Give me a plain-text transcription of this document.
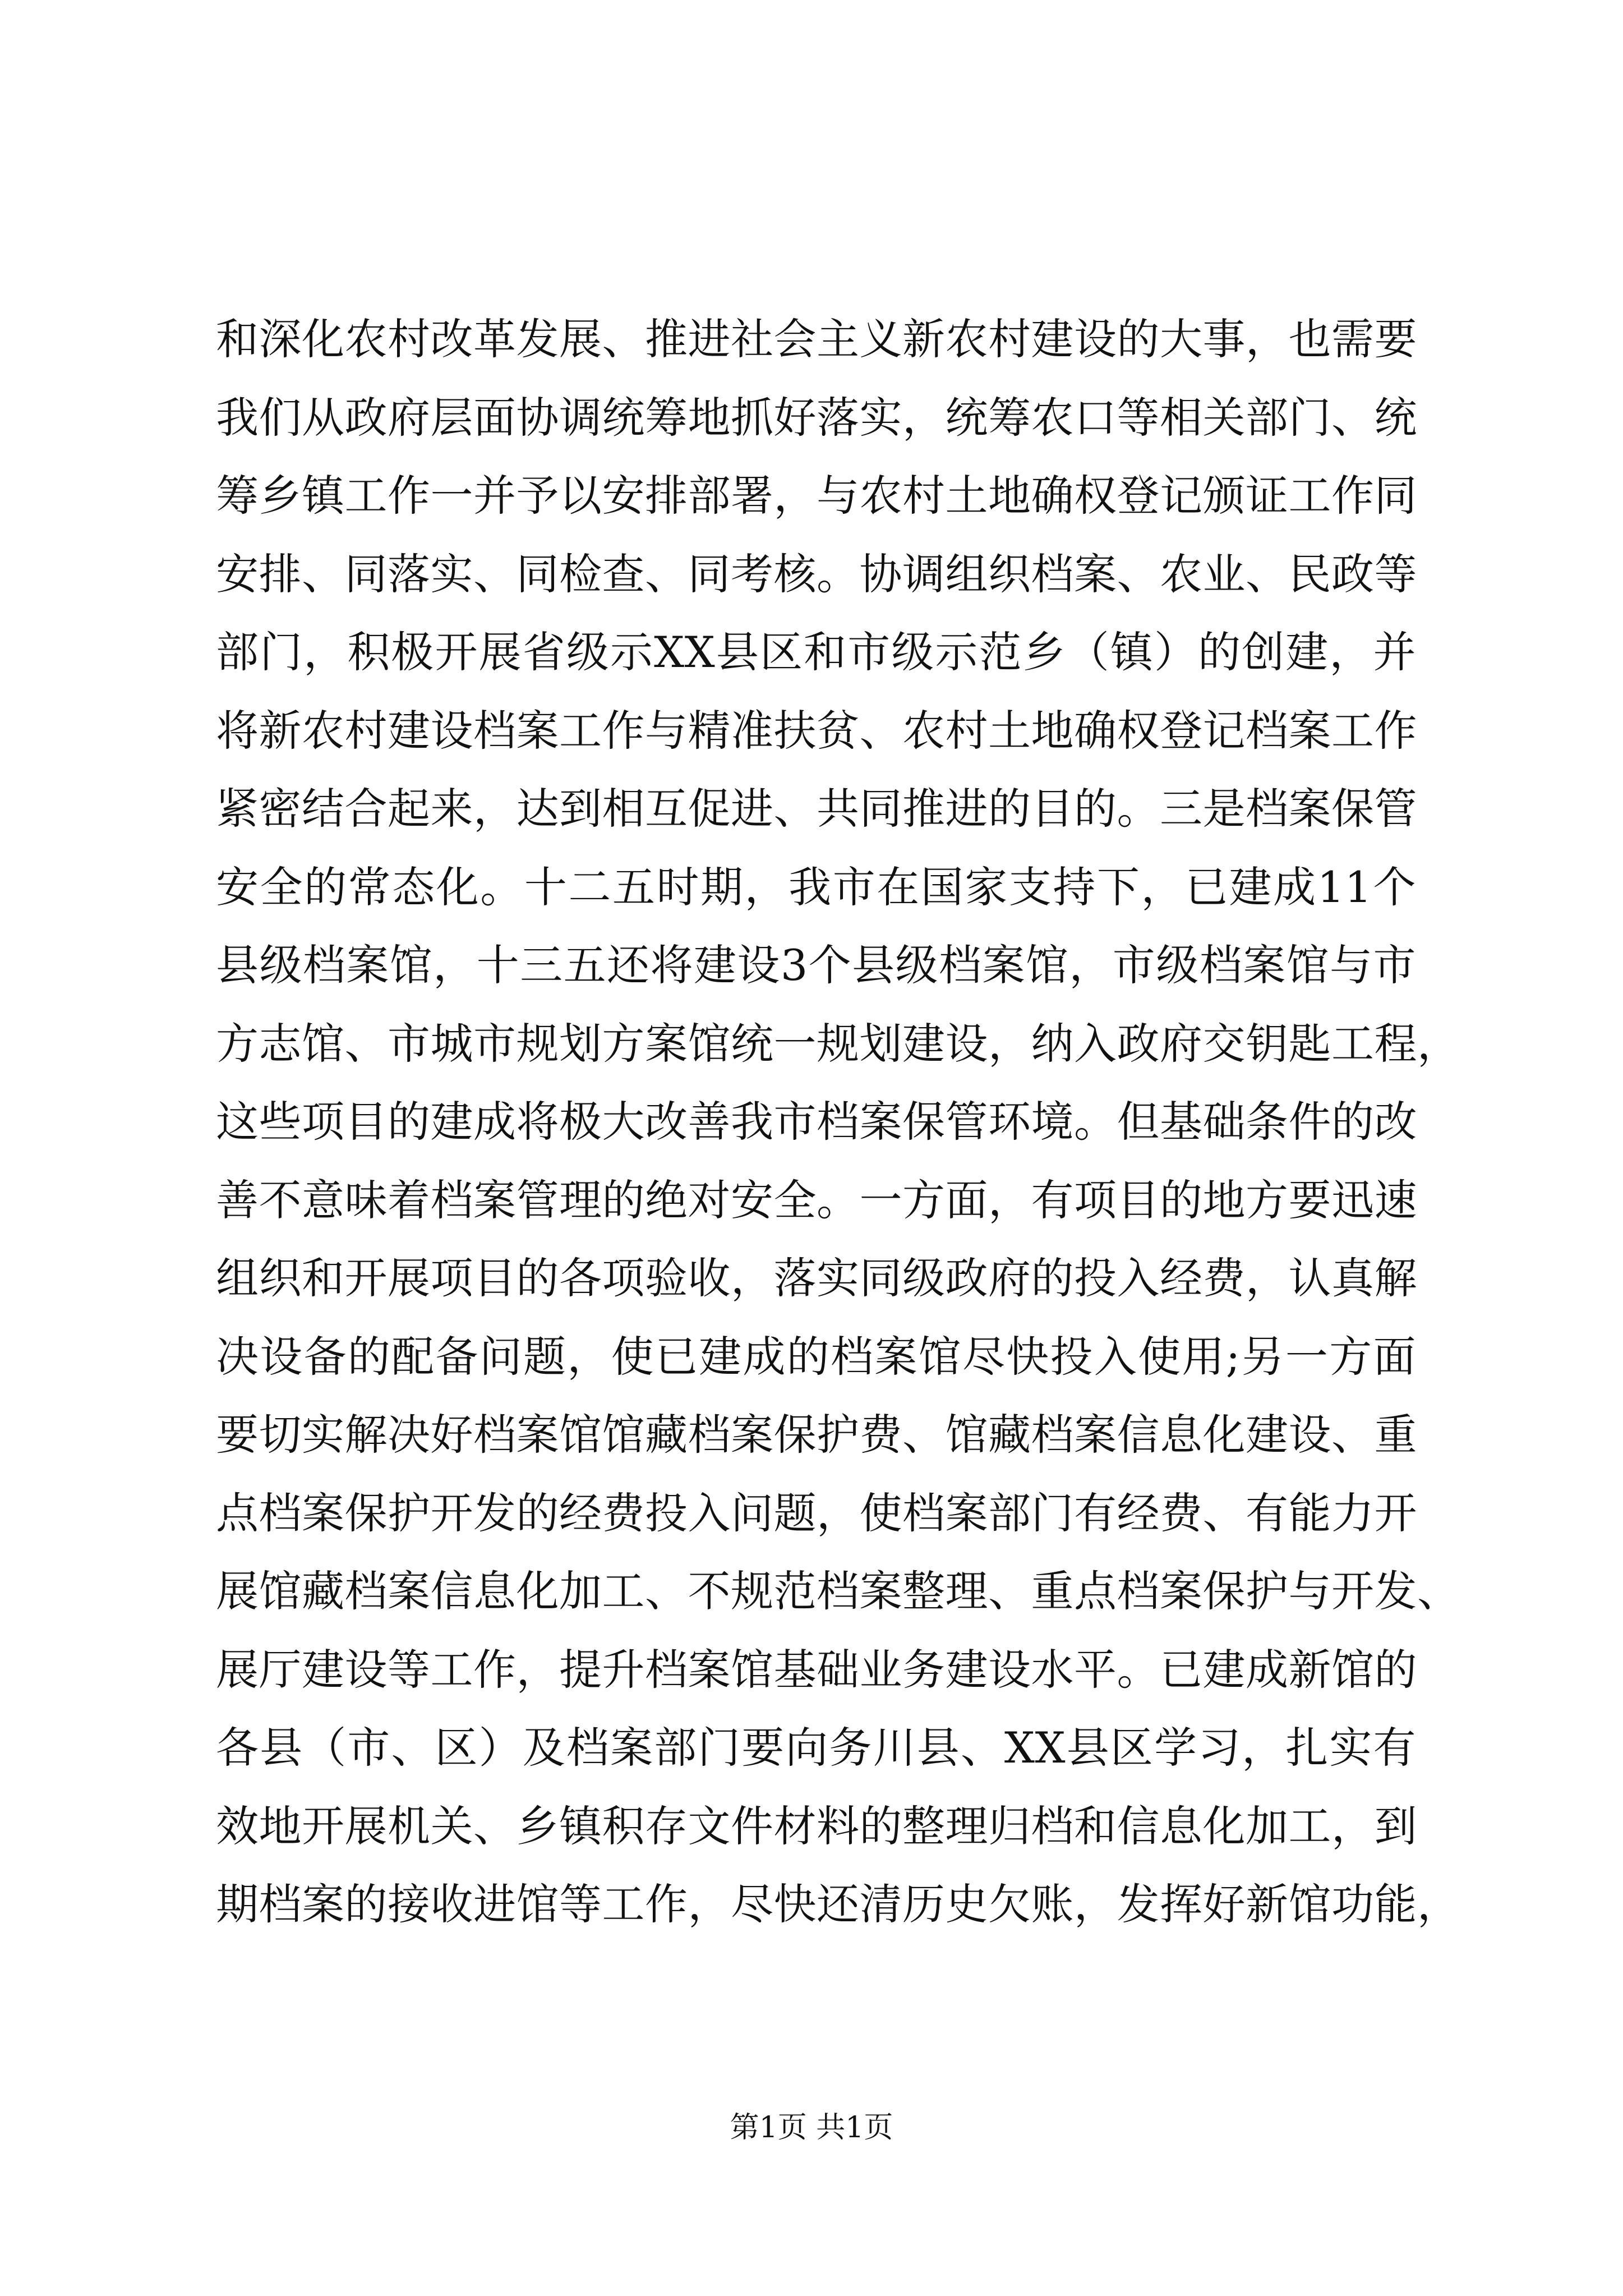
和深化农村改革发展、推进社会主义新农村建设的大事，也需要
我们从政府层面协调统筹地抓好落实，统筹农口等相关部门、统
筹乡镇工作一并予以安排部署，与农村土地确权登记颁证工作同
安排、同落实、同检查、同考核。协调组织档案、农业、民政等
部门，积极开展省级示XX县区和市级示范乡（镇）的创建，并
将新农村建设档案工作与精准扶贫、农村土地确权登记档案工作
紧密结合起来，达到相互促进、共同推进的目的。三是档案保管
安全的常态化。十二五时期，我市在国家支持下，已建成11个
县级档案馆，十三五还将建设3个县级档案馆，市级档案馆与市
方志馆、市城市规划方案馆统一规划建设，纳入政府交钥匙工程，
这些项目的建成将极大改善我市档案保管环境。但基础条件的改
善不意味着档案管理的绝对安全。一方面，有项目的地方要迅速
组织和开展项目的各项验收，落实同级政府的投入经费，认真解
决设备的配备问题，使已建成的档案馆尽快投入使用;另一方面
要切实解决好档案馆馆藏档案保护费、馆藏档案信息化建设、重
点档案保护开发的经费投入问题，使档案部门有经费、有能力开
展馆藏档案信息化加工、不规范档案整理、重点档案保护与开发、
展厅建设等工作，提升档案馆基础业务建设水平。已建成新馆的
各县（市、区）及档案部门要向务川县、XX县区学习，扎实有
效地开展机关、乡镇积存文件材料的整理归档和信息化加工，到
期档案的接收进馆等工作，尽快还清历史欠账，发挥好新馆功能，
第1页 共1页
